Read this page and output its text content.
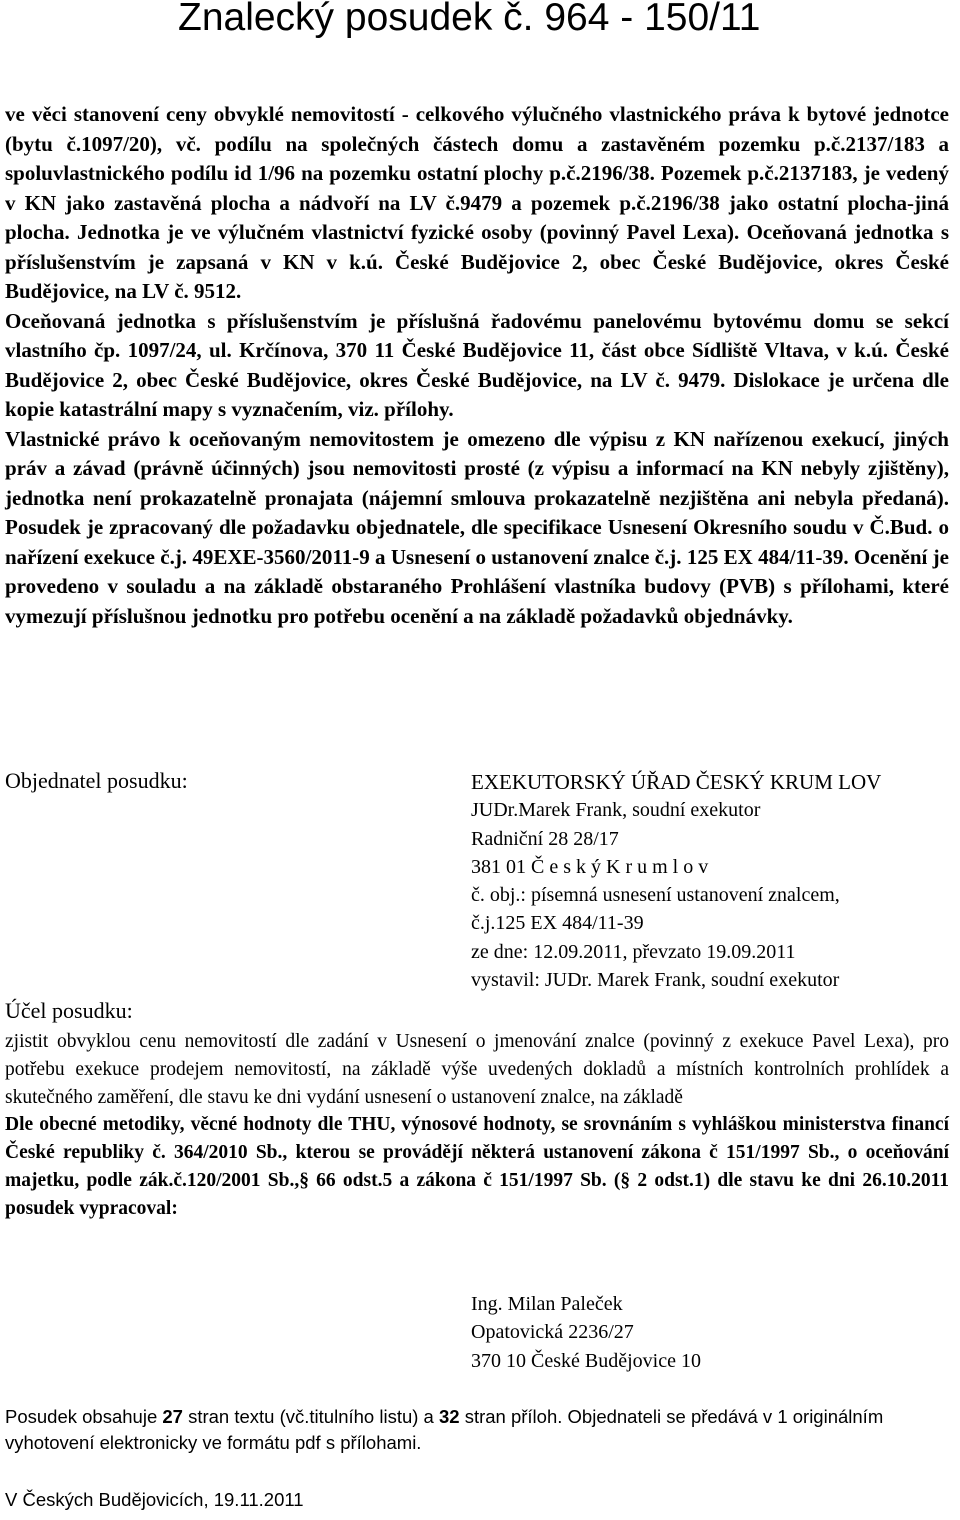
Znalecký posudek č. 964 - 150/11

ve věci stanovení ceny obvyklé nemovitostí - celkového výlučného vlastnického práva k bytové jednotce (bytu č.1097/20), vč. podílu na společných částech domu a zastavěném pozemku p.č.2137/183 a spoluvlastnického podílu id 1/96 na pozemku ostatní plochy p.č.2196/38. Pozemek p.č.2137183, je vedený v KN jako zastavěná plocha a nádvoří na LV č.9479 a pozemek p.č.2196/38 jako ostatní plocha-jiná plocha. Jednotka je ve výlučném vlastnictví fyzické osoby (povinný Pavel Lexa). Oceňovaná jednotka s příslušenstvím je zapsaná v KN v k.ú. České Budějovice 2, obec České Budějovice, okres České Budějovice, na LV č. 9512.

Oceňovaná jednotka s příslušenstvím je příslušná řadovému panelovému bytovému domu se sekcí vlastního čp. 1097/24, ul. Krčínova, 370 11 České Budějovice 11, část obce Sídliště Vltava, v k.ú. České Budějovice 2, obec České Budějovice, okres České Budějovice, na LV č. 9479. Dislokace je určena dle kopie katastrální mapy s vyznačením, viz. přílohy.

Vlastnické právo k oceňovaným nemovitostem je omezeno dle výpisu z KN nařízenou exekucí, jiných práv a závad (právně účinných) jsou nemovitosti prosté (z výpisu a informací na KN nebyly zjištěny), jednotka není prokazatelně pronajata (nájemní smlouva prokazatelně nezjištěna ani nebyla předaná). Posudek je zpracovaný dle požadavku objednatele, dle specifikace Usnesení Okresního soudu v Č.Bud. o nařízení exekuce č.j. 49EXE-3560/2011-9 a Usnesení o ustanovení znalce č.j. 125 EX 484/11-39. Ocenění je provedeno v souladu a na základě obstaraného Prohlášení vlastníka budovy (PVB) s přílohami, které vymezují příslušnou jednotku pro potřebu ocenění a na základě požadavků objednávky.

Objednatel posudku:	EXEKUTORSKÝ ÚŘAD ČESKÝ KRUM LOV
JUDr.Marek Frank, soudní exekutor
Radniční 28 28/17
381 01 Č e s k ý K r u m l o v
č. obj.: písemná usnesení ustanovení znalcem,
č.j.125 EX 484/11-39
ze dne: 12.09.2011, převzato 19.09.2011
vystavil: JUDr. Marek Frank, soudní exekutor
Účel posudku:

zjistit obvyklou cenu nemovitostí dle zadání v Usnesení o jmenování znalce (povinný z exekuce Pavel Lexa), pro potřebu exekuce prodejem nemovitostí, na základě výše uvedených dokladů a místních kontrolních prohlídek a skutečného zaměření, dle stavu ke dni vydání usnesení o ustanovení znalce, na základě

Dle obecné metodiky, věcné hodnoty dle THU, výnosové hodnoty, se srovnáním s vyhláškou ministerstva financí České republiky č. 364/2010 Sb., kterou se provádějí některá ustanovení zákona č 151/1997 Sb., o oceňování majetku, podle zák.č.120/2001 Sb.,§ 66 odst.5 a zákona č 151/1997 Sb. (§ 2 odst.1) dle stavu ke dni 26.10.2011 posudek vypracoval:

Ing. Milan Paleček
Opatovická 2236/27
370 10 České Budějovice 10
Posudek obsahuje 27 stran textu (vč.titulního listu) a 32 stran příloh. Objednateli se předává v 1 originálním vyhotovení elektronicky ve formátu pdf s přílohami.
V Českých Budějovicích, 19.11.2011
